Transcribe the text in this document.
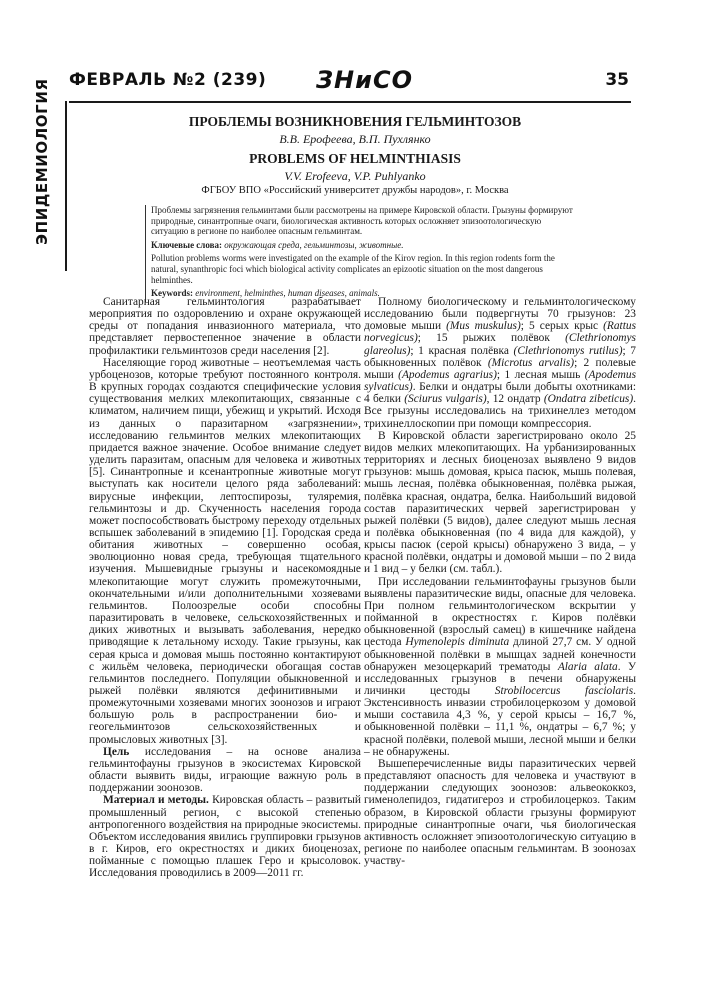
ФЕВРАЛЬ №2 (239) ЗНиСО	35
ЭПИДЕМИОЛОГИЯ	ПРОБЛЕМЫ ВОЗНИКНОВЕНИЯ ГЕЛЬМИНТОЗОВ
В.В. Ерофеева, В.П. Пухлянко
PROBLEMS OF HELMINTHIASIS
V.V. Erofeeva, V.P. Puhlyanko
ФГБОУ ВПО «Российский университет дружбы народов», г. Москва

Проблемы загрязнения гельминтами были рассмотрены на примере Кировской области. Грызуны формируют природные, синантропные очаги, биологическая активность которых осложняет эпизоотологическую ситуацию в регионе по наиболее опасным гельминтам.

Ключевые слова: окружающая среда, гельминтозы, животные.

Pollution problems worms were investigated on the example of the Kirov region. In this region rodents form the natural, synanthropic foci which biological activity complicates an epizootic situation on the most dangerous helminthes.

Keywords: environment, helminthes, human diseases, animals.

Санитарная гельминтология разрабатывает мероприятия по оздоровлению и охране окружающей среды от попадания инвазионного материала, что представляет первостепенное значение в области профилактики гельминтозов среди населения [2].

Населяющие город животные – неотъемлемая часть урбоценозов, которые требуют постоянного контроля. В крупных городах создаются специфические условия существования мелких млекопитающих, связанные с климатом, наличием пищи, убежищ и укрытий. Исходя из данных о паразитарном «загрязнении», исследованию гельминтов мелких млекопитающих придается важное значение. Особое внимание следует уделить паразитам, опасным для человека и животных [5]. Синантропные и ксенантропные животные могут выступать как носители целого ряда заболеваний: вирусные инфекции, лептоспирозы, туляремия, гельминтозы и др. Скученность населения города может поспособствовать быстрому переходу отдельных вспышек заболеваний в эпидемию [1]. Городская среда обитания животных – совершенно особая, эволюционно новая среда, требующая тщательного изучения. Мышевидные грызуны и насекомоядные млекопитающие могут служить промежуточными, окончательными и/или дополнительными хозяевами гельминтов. Полоозрелые особи способны паразитировать в человеке, сельскохозяйственных и диких животных и вызывать заболевания, нередко приводящие к летальному исходу. Такие грызуны, как серая крыса и домовая мышь постоянно контактируют с жильём человека, периодически обогащая состав гельминтов последнего. Популяции обыкновенной и рыжей полёвки являются дефинитивными и промежуточными хозяевами многих зоонозов и играют большую роль в распространении био- и геогельминтозов сельскохозяйственных и промысловых животных [3].

Цель исследования – на основе анализа гельминтофауны грызунов в экосистемах Кировской области выявить виды, играющие важную роль в поддержании зоонозов.

Материал и методы. Кировская область – развитый промышленный регион, с высокой степенью антропогенного воздействия на природные экосистемы. Объектом исследования явились группировки грызунов в г. Киров, его окрестностях и диких биоценозах, пойманные с помощью плашек Геро и крысоловок. Исследования проводились в 2009—2011 гг.

Полному биологическому и гельминтологическому исследованию были подвергнуты 70 грызунов: 23 домовые мыши (Mus muskulus); 5 серых крыс (Rattus norvegicus); 15 рыжих полёвок (Clethrionomys glareolus); 1 красная полёвка (Clethrionomys rutilus); 7 обыкновенных полёвок (Microtus arvalis); 2 полевые мыши (Apodemus agrarius); 1 лесная мышь (Apodemus sylvaticus). Белки и ондатры были добыты охотниками: 4 белки (Sciurus vulgaris), 12 ондатр (Ondatra zibeticus). Все грызуны исследовались на трихинеллез методом трихинеллоскопии при помощи компрессория.

В Кировской области зарегистрировано около 25 видов мелких млекопитающих. На урбанизированных территориях и лесных биоценозах выявлено 9 видов грызунов: мышь домовая, крыса пасюк, мышь полевая, мышь лесная, полёвка обыкновенная, полёвка рыжая, полёвка красная, ондатра, белка. Наибольший видовой состав паразитических червей зарегистрирован у рыжей полёвки (5 видов), далее следуют мышь лесная и полёвка обыкновенная (по 4 вида для каждой), у крысы пасюк (серой крысы) обнаружено 3 вида, – у красной полёвки, ондатры и домовой мыши – по 2 вида и 1 вид – у белки (см. табл.).

При исследовании гельминтофауны грызунов были выявлены паразитические виды, опасные для человека. При полном гельминтологическом вскрытии у пойманной в окрестностях г. Киров полёвки обыкновенной (взрослый самец) в кишечнике найдена цестода Hymenolepis diminuta длиной 27,7 см. У одной обыкновенной полёвки в мышцах задней конечности обнаружен мезоцеркарий трематоды Alaria alata. У исследованных грызунов в печени обнаружены личинки цестоды Strobilocercus fasciolaris. Экстенсивность инвазии стробилоцеркозом у домовой мыши составила 4,3 %, у серой крысы – 16,7 %, обыкновенной полёвки – 11,1 %, ондатры – 6,7 %; у красной полёвки, полевой мыши, лесной мыши и белки – не обнаружены.

Вышеперечисленные виды паразитических червей представляют опасность для человека и участвуют в поддержании следующих зоонозов: альвеококкоз, гименолепидоз, гидатигероз и стробилоцеркоз. Таким образом, в Кировской области грызуны формируют природные синантропные очаги, чья биологическая активность осложняет эпизоотологическую ситуацию в регионе по наиболее опасным гельминтам. В зоонозах участву-
